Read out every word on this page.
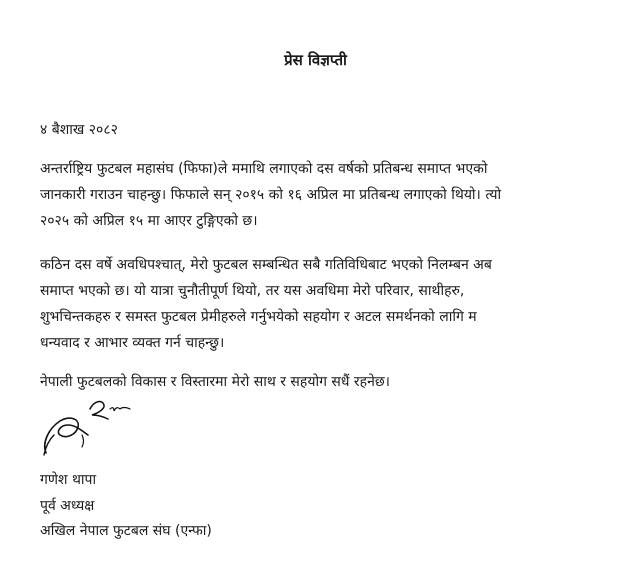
प्रेस विज्ञप्ती
४ बैशाख २०८२

अन्तर्राष्ट्रिय फुटबल महासंघ (फिफा)ले ममाथि लगाएको दस वर्षको प्रतिबन्ध समाप्त भएको

जानकारी गराउन चाहन्छु। फिफाले सन् २०१५ को १६ अप्रिल मा प्रतिबन्ध लगाएको थियो। त्यो

२०२५ को अप्रिल १५ मा आएर टुङ्गिएको छ।

कठिन दस वर्षे अवधिपश्चात्, मेरो फुटबल सम्बन्धित सबै गतिविधिबाट भएको निलम्बन अब

समाप्त भएको छ। यो यात्रा चुनौतीपूर्ण थियो, तर यस अवधिमा मेरो परिवार, साथीहरु,

शुभचिन्तकहरु र समस्त फुटबल प्रेमीहरुले गर्नुभयेको सहयोग र अटल समर्थनको लागि म

धन्यवाद र आभार व्यक्त गर्न चाहन्छु।

नेपाली फुटबलको विकास र विस्तारमा मेरो साथ र सहयोग सधैं रहनेछ।

गणेश थापा
पूर्व अध्यक्ष
अखिल नेपाल फुटबल संघ (एन्फा)
